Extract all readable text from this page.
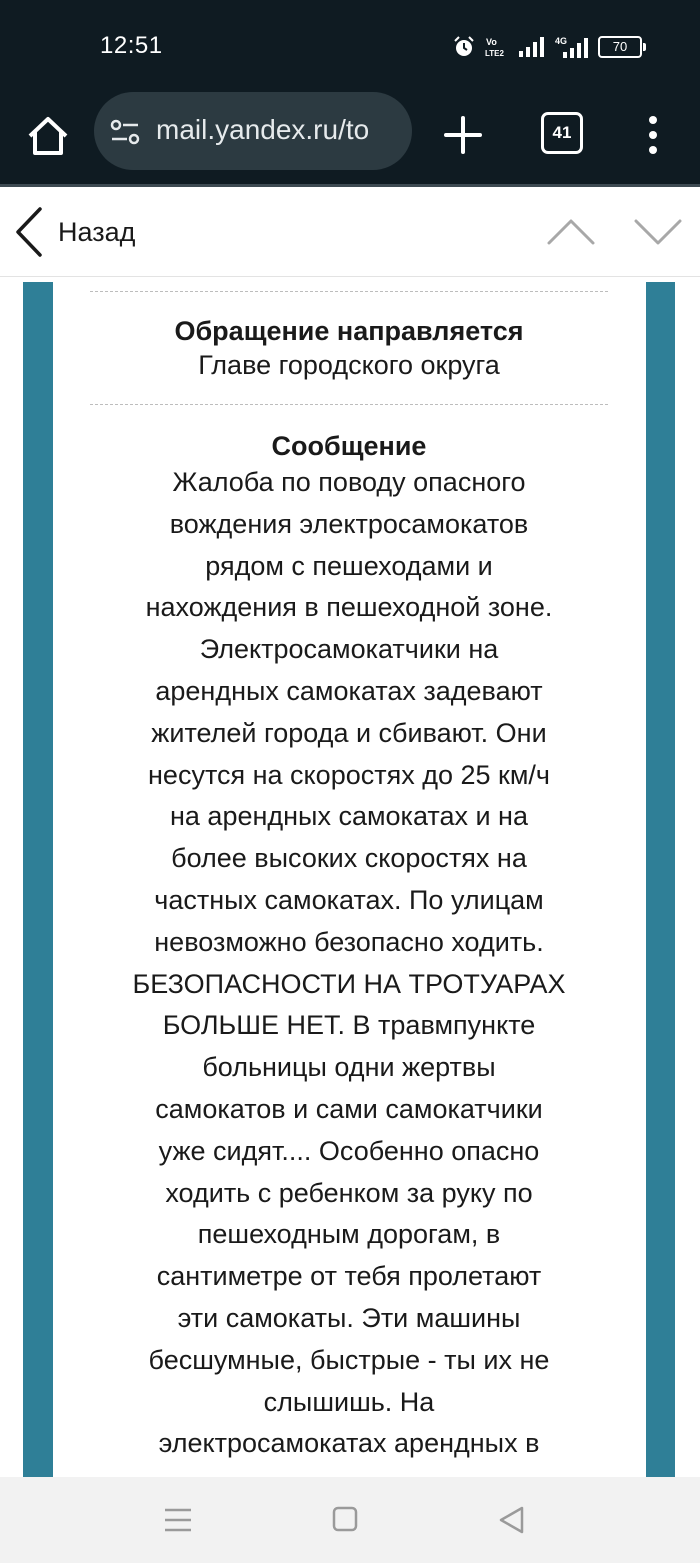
12:51	Vo
LTE2
4G	70
mail.yandex.ru/to	41
Назад
Обращение направляется
Главе городского округа
Сообщение
Жалоба по поводу опасного
вождения электросамокатов
рядом с пешеходами и
нахождения в пешеходной зоне.
Электросамокатчики на
арендных самокатах задевают
жителей города и сбивают. Они
несутся на скоростях до 25 км/ч
на арендных самокатах и на
более высоких скоростях на
частных самокатах. По улицам
невозможно безопасно ходить.
БЕЗОПАСНОСТИ НА ТРОТУАРАХ
БОЛЬШЕ НЕТ. В травмпункте
больницы одни жертвы
самокатов и сами самокатчики
уже сидят.... Особенно опасно
ходить с ребенком за руку по
пешеходным дорогам, в
сантиметре от тебя пролетают
эти самокаты. Эти машины
бесшумные, быстрые - ты их не
слышишь. На
электросамокатах арендных в
